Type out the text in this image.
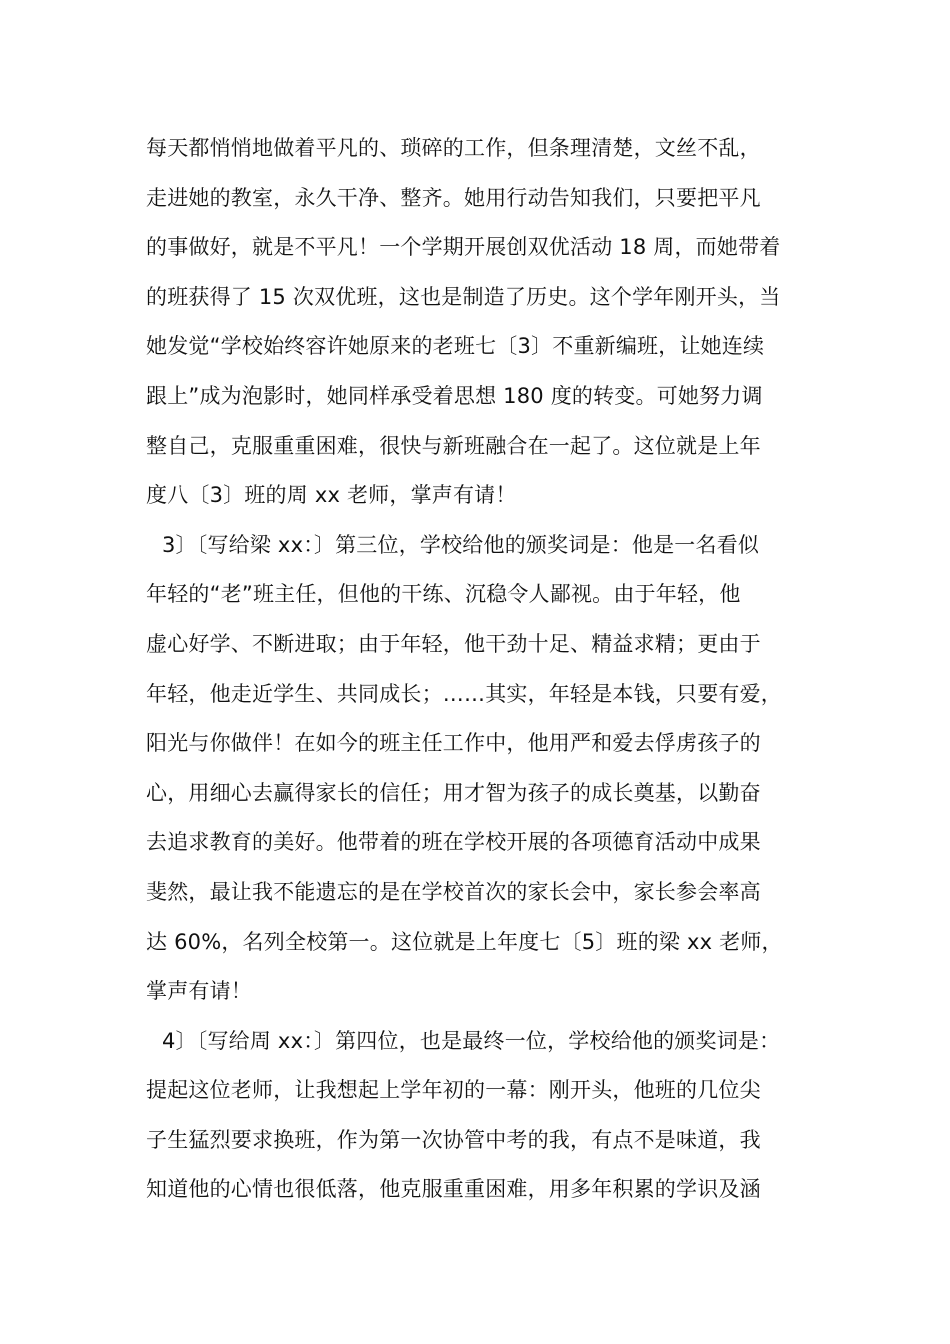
每天都悄悄地做着平凡的、琐碎的工作，但条理清楚，文丝不乱，
走进她的教室，永久干净、整齐。她用行动告知我们，只要把平凡
的事做好，就是不平凡！一个学期开展创双优活动 18 周，而她带着
的班获得了 15 次双优班，这也是制造了历史。这个学年刚开头，当
她发觉“学校始终容许她原来的老班七〔3〕不重新编班，让她连续
跟上”成为泡影时，她同样承受着思想 180 度的转变。可她努力调
整自己，克服重重困难，很快与新班融合在一起了。这位就是上年
度八〔3〕班的周 xx 老师，掌声有请！
3〕〔写给梁 xx：〕第三位，学校给他的颁奖词是：他是一名看似
年轻的“老”班主任，但他的干练、沉稳令人鄙视。由于年轻，他
虚心好学、不断进取；由于年轻，他干劲十足、精益求精；更由于
年轻，他走近学生、共同成长；……其实，年轻是本钱，只要有爱，
阳光与你做伴！在如今的班主任工作中，他用严和爱去俘虏孩子的
心，用细心去赢得家长的信任；用才智为孩子的成长奠基，以勤奋
去追求教育的美好。他带着的班在学校开展的各项德育活动中成果
斐然，最让我不能遗忘的是在学校首次的家长会中，家长参会率高
达 60%，名列全校第一。这位就是上年度七〔5〕班的梁 xx 老师，
掌声有请！
4〕〔写给周 xx：〕第四位，也是最终一位，学校给他的颁奖词是：
提起这位老师，让我想起上学年初的一幕：刚开头，他班的几位尖
子生猛烈要求换班，作为第一次协管中考的我，有点不是味道，我
知道他的心情也很低落，他克服重重困难，用多年积累的学识及涵
